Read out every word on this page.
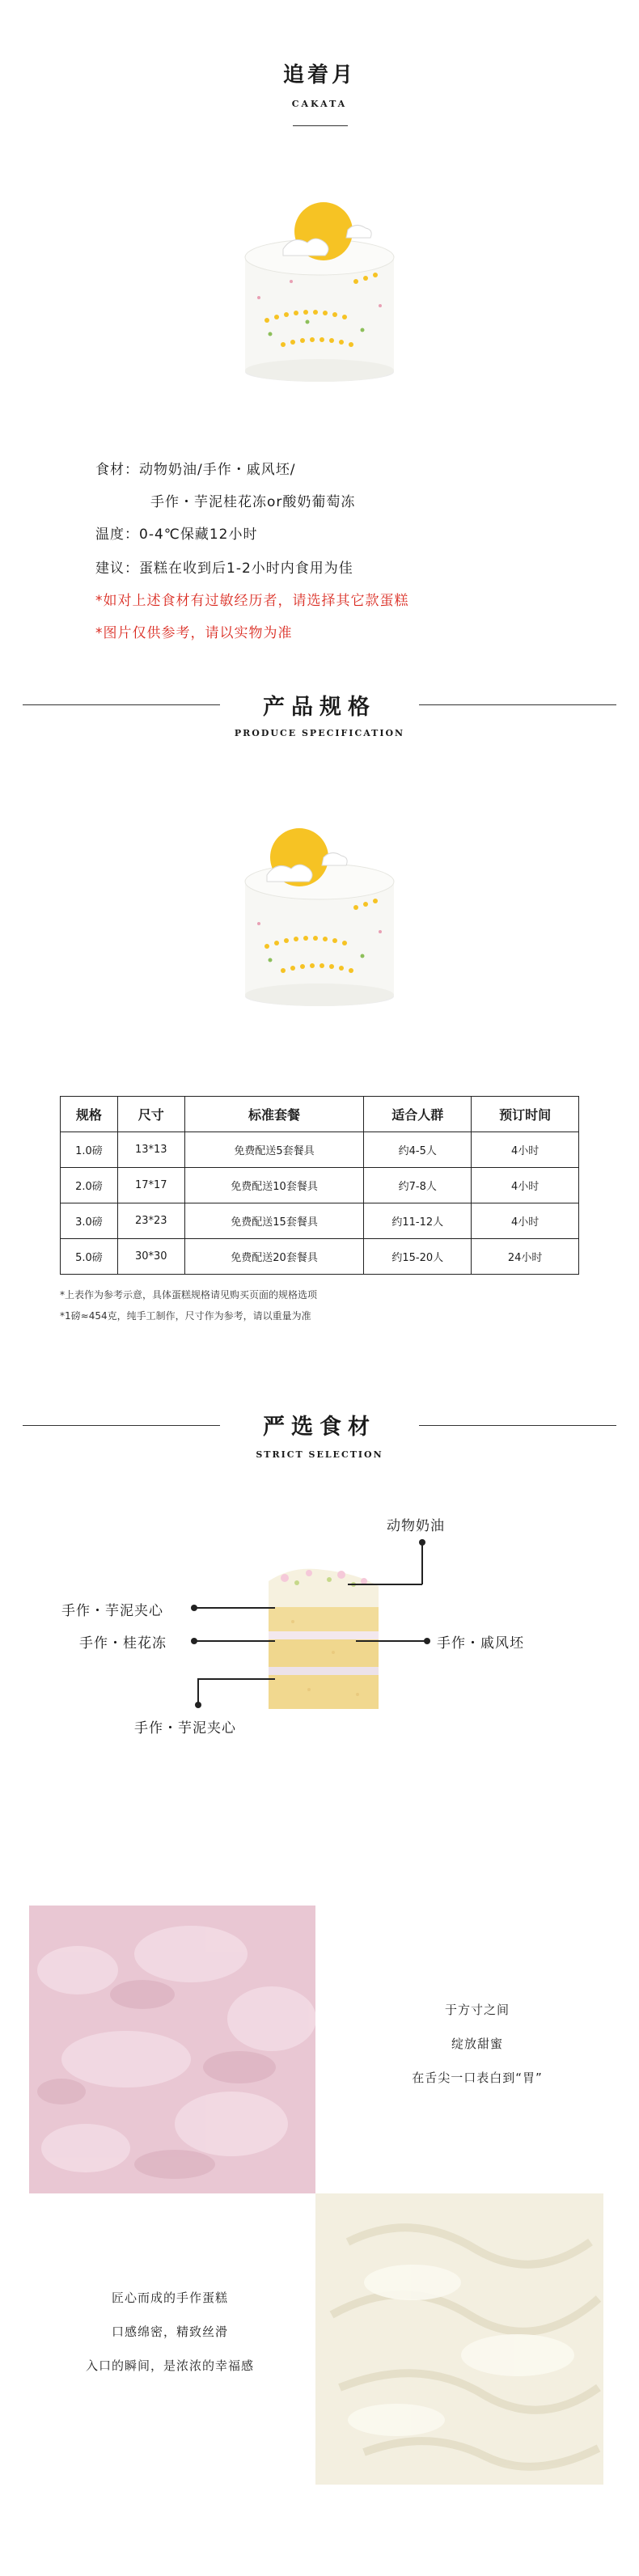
追着月
CAKATA
食材：动物奶油/手作・戚风坯/
手作・芋泥桂花冻or酸奶葡萄冻
温度：0-4℃保藏12小时
建议：蛋糕在收到后1-2小时内食用为佳
*如对上述食材有过敏经历者，请选择其它款蛋糕
*图片仅供参考，请以实物为准
产品规格
PRODUCE SPECIFICATION
规格	尺寸	标准套餐	适合人群	预订时间
1.0磅	13*13	免费配送5套餐具	约4-5人	4小时
2.0磅	17*17	免费配送10套餐具	约7-8人	4小时
3.0磅	23*23	免费配送15套餐具	约11-12人	4小时
5.0磅	30*30	免费配送20套餐具	约15-20人	24小时
*上表作为参考示意，具体蛋糕规格请见购买页面的规格选项
*1磅≈454克，纯手工制作，尺寸作为参考，请以重量为准
严选食材
STRICT SELECTION
动物奶油
手作・芋泥夹心
手作・桂花冻	手作・戚风坯
手作・芋泥夹心
于方寸之间
绽放甜蜜
在舌尖一口表白到“胃”
匠心而成的手作蛋糕
口感绵密，精致丝滑
入口的瞬间，是浓浓的幸福感
